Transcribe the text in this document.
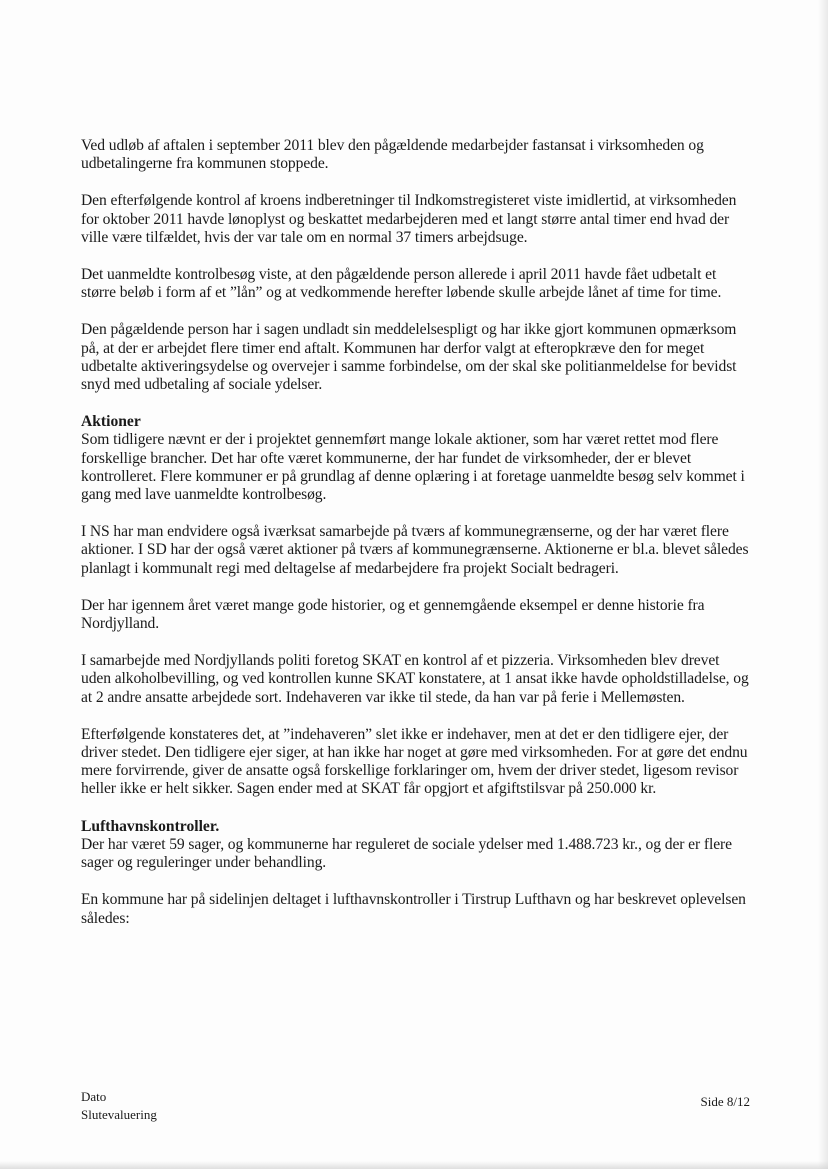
Ved udløb af aftalen i september 2011 blev den pågældende medarbejder fastansat i virksomheden og udbetalingerne fra kommunen stoppede.

Den efterfølgende kontrol af kroens indberetninger til Indkomstregisteret viste imidlertid, at virksomheden for oktober 2011 havde lønoplyst og beskattet medarbejderen med et langt større antal timer end hvad der ville være tilfældet, hvis der var tale om en normal 37 timers arbejdsuge.

Det uanmeldte kontrolbesøg viste, at den pågældende person allerede i april 2011 havde fået udbetalt et større beløb i form af et ”lån” og at vedkommende herefter løbende skulle arbejde lånet af time for time.

Den pågældende person har i sagen undladt sin meddelelsespligt og har ikke gjort kommunen opmærksom på, at der er arbejdet flere timer end aftalt. Kommunen har derfor valgt at efteropkræve den for meget udbetalte aktiveringsydelse og overvejer i samme forbindelse, om der skal ske politianmeldelse for bevidst snyd med udbetaling af sociale ydelser.

Aktioner

Som tidligere nævnt er der i projektet gennemført mange lokale aktioner, som har været rettet mod flere forskellige brancher. Det har ofte været kommunerne, der har fundet de virksomheder, der er blevet kontrolleret. Flere kommuner er på grundlag af denne oplæring i at foretage uanmeldte besøg selv kommet i gang med lave uanmeldte kontrolbesøg.

I NS har man endvidere også iværksat samarbejde på tværs af kommunegrænserne, og der har været flere aktioner. I SD har der også været aktioner på tværs af kommunegrænserne. Aktionerne er bl.a. blevet således planlagt i kommunalt regi med deltagelse af medarbejdere fra projekt Socialt bedrageri.

Der har igennem året været mange gode historier, og et gennemgående eksempel er denne historie fra Nordjylland.

I samarbejde med Nordjyllands politi foretog SKAT en kontrol af et pizzeria. Virksomheden blev drevet uden alkoholbevilling, og ved kontrollen kunne SKAT konstatere, at 1 ansat ikke havde opholdstilladelse, og at 2 andre ansatte arbejdede sort. Indehaveren var ikke til stede, da han var på ferie i Mellemøsten.

Efterfølgende konstateres det, at ”indehaveren” slet ikke er indehaver, men at det er den tidligere ejer, der driver stedet. Den tidligere ejer siger, at han ikke har noget at gøre med virksomheden. For at gøre det endnu mere forvirrende, giver de ansatte også forskellige forklaringer om, hvem der driver stedet, ligesom revisor heller ikke er helt sikker. Sagen ender med at SKAT får opgjort et afgiftstilsvar på 250.000 kr.

Lufthavnskontroller.

Der har været 59 sager, og kommunerne har reguleret de sociale ydelser med 1.488.723 kr., og der er flere sager og reguleringer under behandling.

En kommune har på sidelinjen deltaget i lufthavnskontroller i Tirstrup Lufthavn og har beskrevet oplevelsen således:

Dato
Slutevaluering
Side 8/12
